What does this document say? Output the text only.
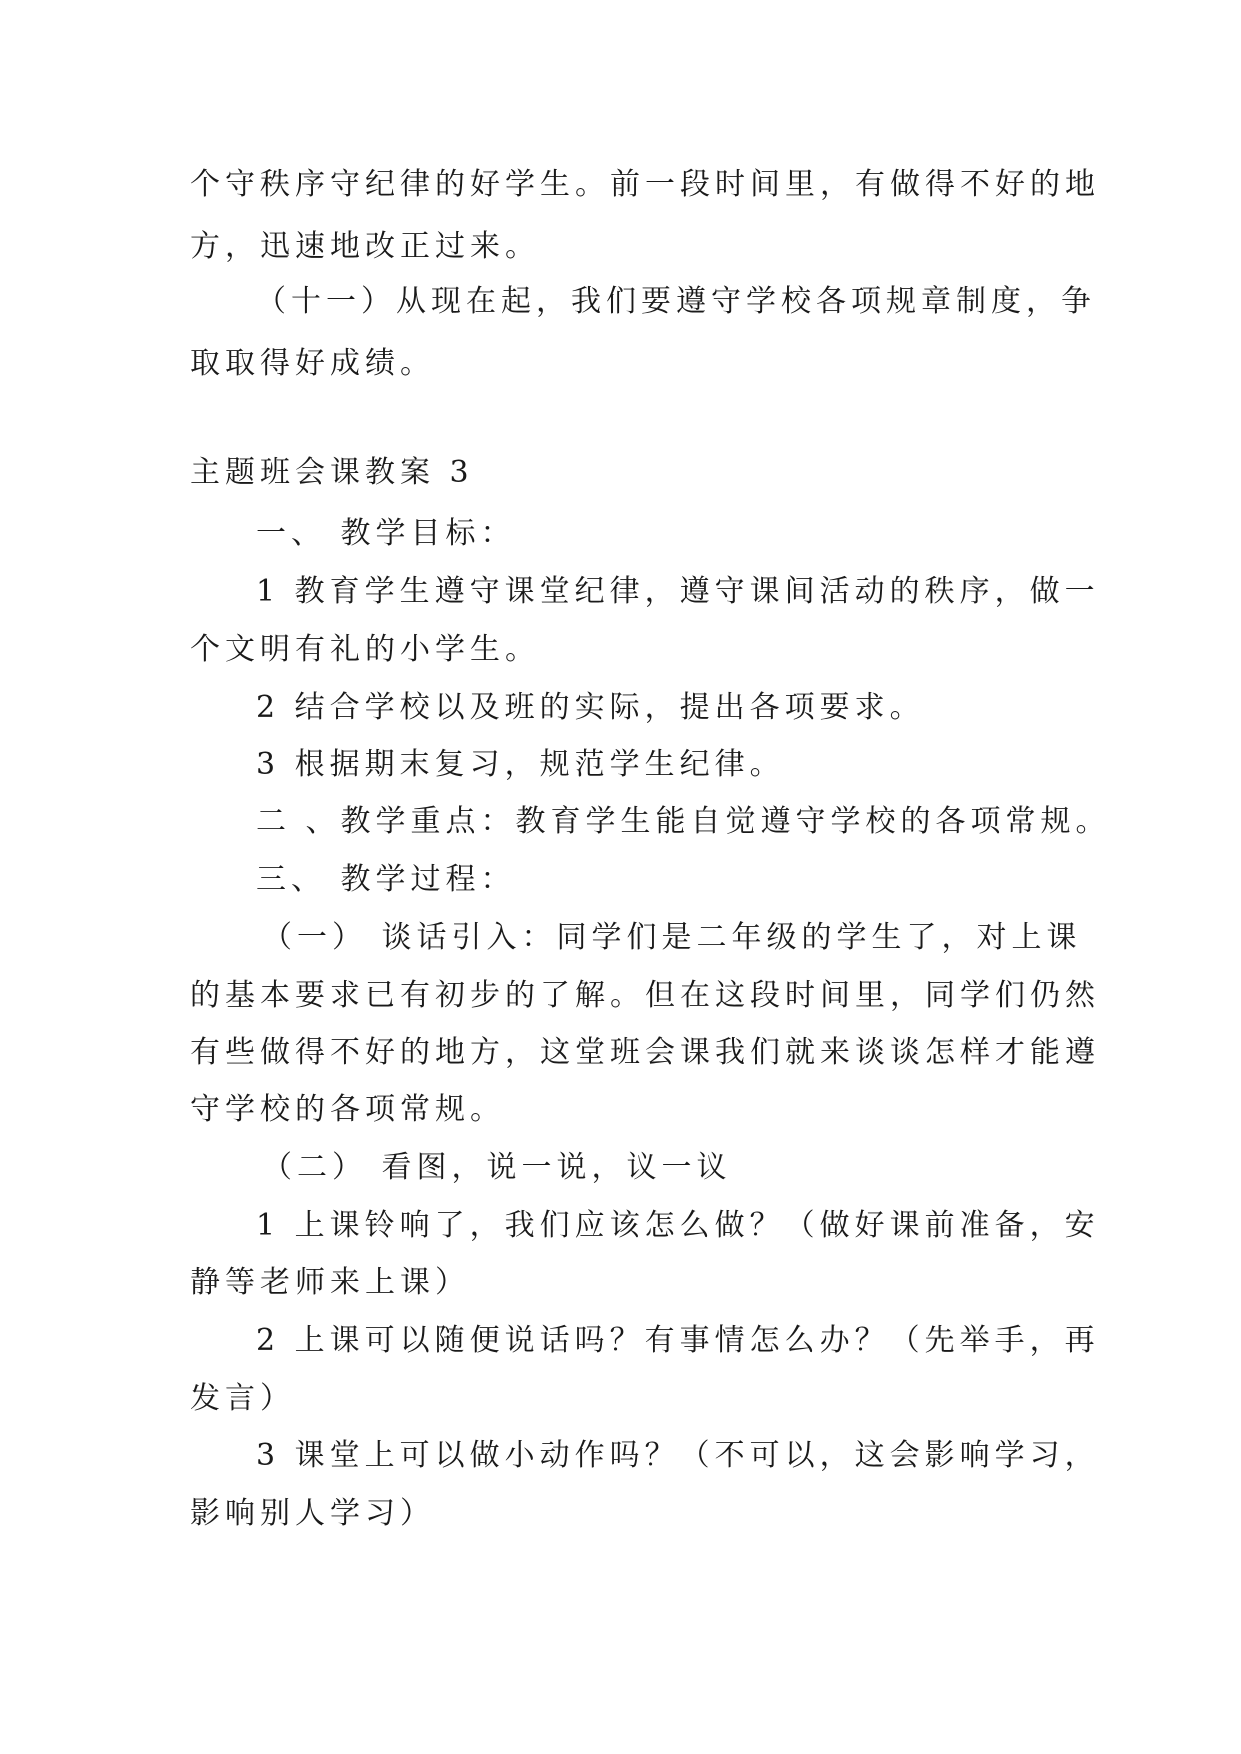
个守秩序守纪律的好学生。前一段时间里，有做得不好的地
方，迅速地改正过来。
（十一）从现在起，我们要遵守学校各项规章制度，争
取取得好成绩。
主题班会课教案 3
一、 教学目标：
1 教育学生遵守课堂纪律，遵守课间活动的秩序，做一
个文明有礼的小学生。
2 结合学校以及班的实际，提出各项要求。
3 根据期末复习，规范学生纪律。
二 、教学重点：教育学生能自觉遵守学校的各项常规。
三、 教学过程：
（一） 谈话引入：同学们是二年级的学生了，对上课
的基本要求已有初步的了解。但在这段时间里，同学们仍然
有些做得不好的地方，这堂班会课我们就来谈谈怎样才能遵
守学校的各项常规。
（二） 看图，说一说，议一议
1 上课铃响了，我们应该怎么做？（做好课前准备，安
静等老师来上课）
2 上课可以随便说话吗？有事情怎么办？（先举手，再
发言）
3 课堂上可以做小动作吗？（不可以，这会影响学习，
影响别人学习）
